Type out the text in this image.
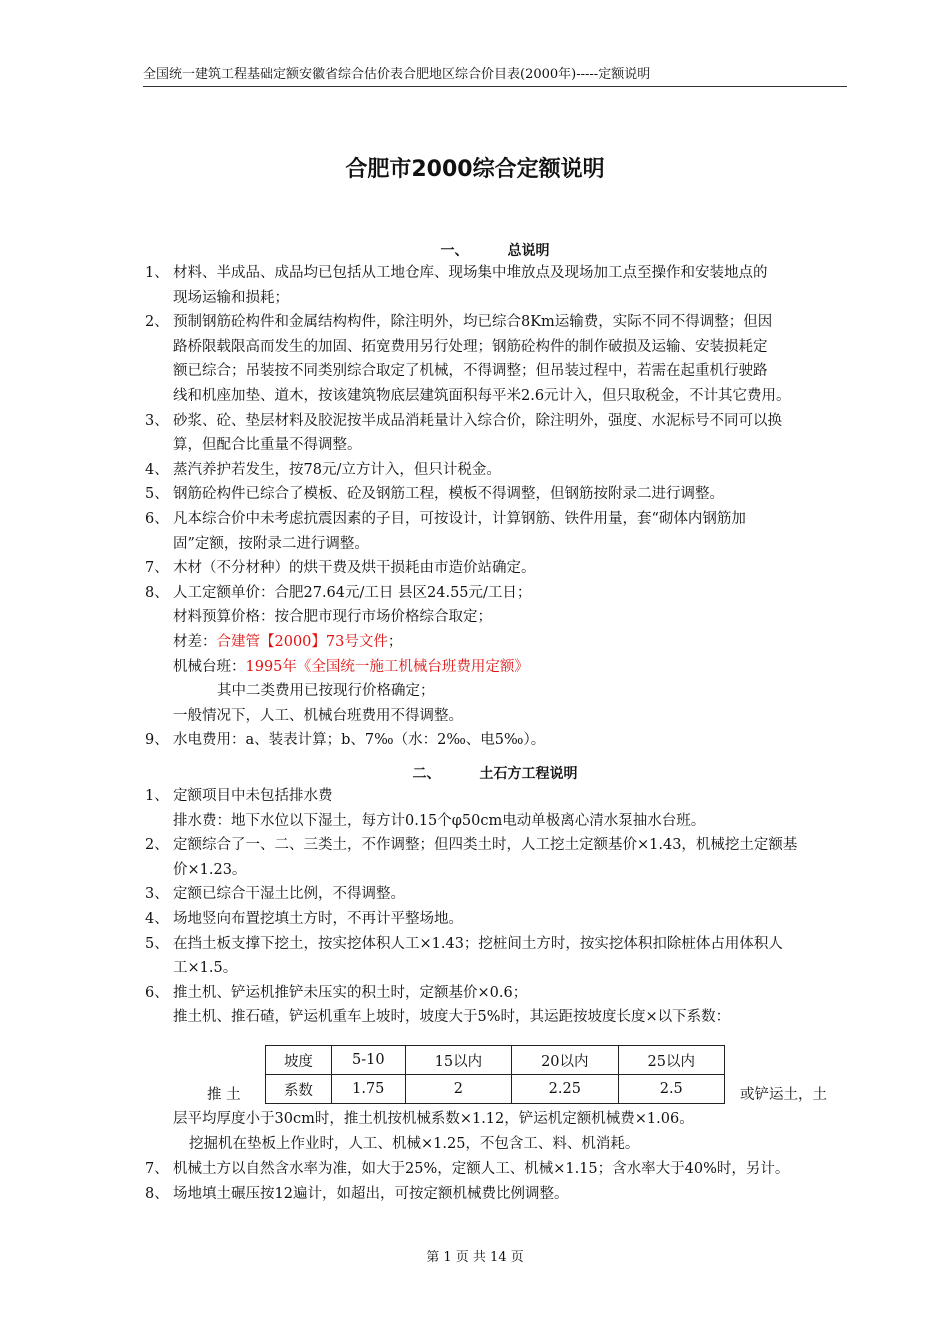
全国统一建筑工程基础定额安徽省综合估价表合肥地区综合价目表(2000年)-----定额说明
合肥市2000综合定额说明
一、	总说明
二、	土石方工程说明
坡度	5-10	15以内	20以内	25以内
系数	1.75	2	2.25	2.5
第 1 页 共 14 页
1、 材料、半成品、成品均已包括从工地仓库、现场集中堆放点及现场加工点至操作和安装地点的
现场运输和损耗；
2、 预制钢筋砼构件和金属结构构件，除注明外，均已综合8Km运输费，实际不同不得调整；但因
路桥限载限高而发生的加固、拓宽费用另行处理；钢筋砼构件的制作破损及运输、安装损耗定
额已综合；吊装按不同类别综合取定了机械，不得调整；但吊装过程中，若需在起重机行驶路
线和机座加垫、道木，按该建筑物底层建筑面积每平米2.6元计入，但只取税金，不计其它费用。
3、 砂浆、砼、垫层材料及胶泥按半成品消耗量计入综合价，除注明外，强度、水泥标号不同可以换
算，但配合比重量不得调整。
4、 蒸汽养护若发生，按78元/立方计入，但只计税金。
5、 钢筋砼构件已综合了模板、砼及钢筋工程，模板不得调整，但钢筋按附录二进行调整。
6、 凡本综合价中未考虑抗震因素的子目，可按设计，计算钢筋、铁件用量，套“砌体内钢筋加
固”定额，按附录二进行调整。
7、 木材（不分材种）的烘干费及烘干损耗由市造价站确定。
8、 人工定额单价：合肥27.64元/工日 县区24.55元/工日；
材料预算价格：按合肥市现行市场价格综合取定；
材差：合建管【2000】73号文件；
机械台班：1995年《全国统一施工机械台班费用定额》
其中二类费用已按现行价格确定；
一般情况下，人工、机械台班费用不得调整。
9、 水电费用：a、装表计算；b、7‰（水：2‰、电5‰）。
1、 定额项目中未包括排水费
排水费：地下水位以下湿土，每方计0.15个φ50cm电动单极离心清水泵抽水台班。
2、 定额综合了一、二、三类土，不作调整；但四类土时，人工挖土定额基价×1.43，机械挖土定额基
价×1.23。
3、 定额已综合干湿土比例，不得调整。
4、 场地竖向布置挖填土方时，不再计平整场地。
5、 在挡土板支撑下挖土，按实挖体积人工×1.43；挖桩间土方时，按实挖体积扣除桩体占用体积人
工×1.5。
6、 推土机、铲运机推铲未压实的积土时，定额基价×0.6；
推土机、推石碴，铲运机重车上坡时，坡度大于5%时，其运距按坡度长度×以下系数：
推 土	或铲运土，土
层平均厚度小于30cm时，推土机按机械系数×1.12，铲运机定额机械费×1.06。
挖掘机在垫板上作业时，人工、机械×1.25，不包含工、料、机消耗。
7、 机械土方以自然含水率为准，如大于25%，定额人工、机械×1.15；含水率大于40%时，另计。
8、 场地填土碾压按12遍计，如超出，可按定额机械费比例调整。
